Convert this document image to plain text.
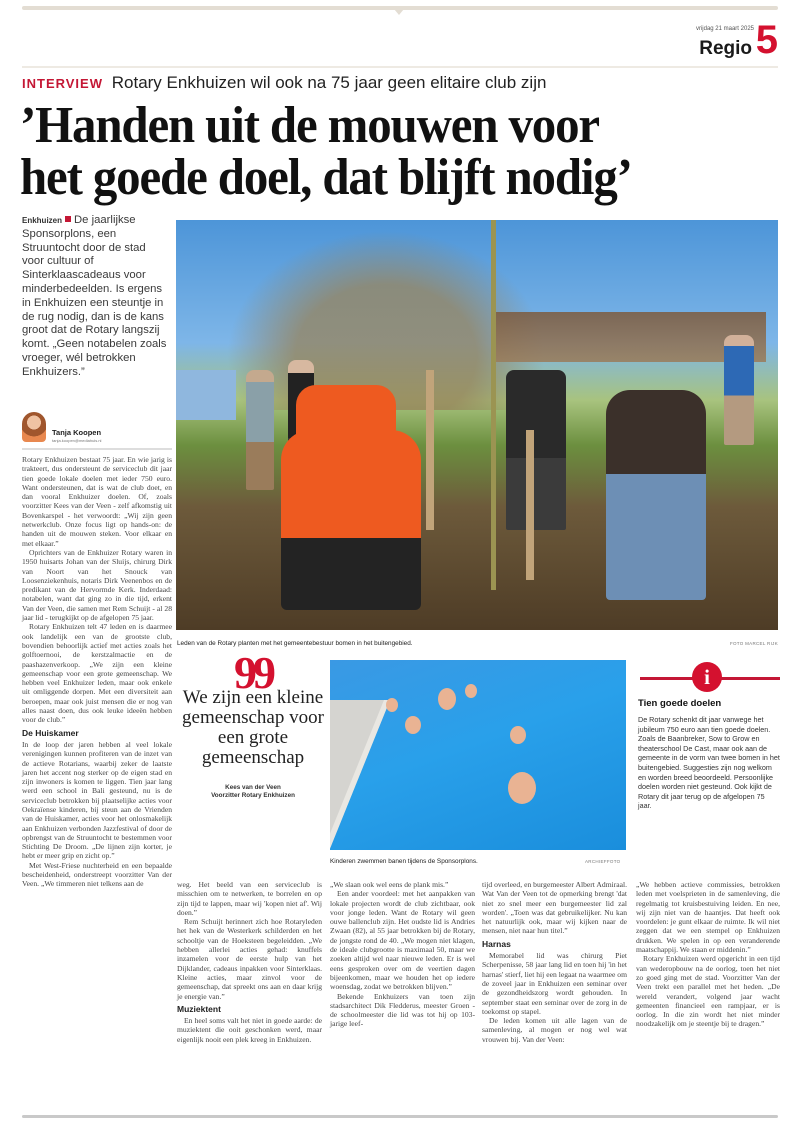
vrijdag 21 maart 2025
Regio 5
INTERVIEW Rotary Enkhuizen wil ook na 75 jaar geen elitaire club zijn
’Handen uit de mouwen voor
het goede doel, dat blijft nodig’
Enkhuizen De jaarlijkse Sponsorplons, een Struuntocht door de stad voor cultuur of Sinterklaascadeaus voor minderbedeelden. Is ergens in Enkhuizen een steuntje in de rug nodig, dan is de kans groot dat de Rotary langszij komt. „Geen notabelen zoals vroeger, wél betrokken Enkhuizers.”
Tanja Koopen
tanja.koopen@mediahuis.nl
Leden van de Rotary planten met het gemeentebestuur bomen in het buitengebied.	FOTO MARCEL RIJK

Rotary Enkhuizen bestaat 75 jaar. En wie jarig is trakteert, dus ondersteunt de serviceclub dit jaar tien goede lokale doelen met ieder 750 euro. Want ondersteunen, dat is wat de club doet, en dan vooral Enkhuizer doelen. Of, zoals voorzitter Kees van der Veen - zelf afkomstig uit Bovenkarspel - het verwoordt: „Wij zijn geen netwerkclub. Onze focus ligt op hands-on: de handen uit de mouwen steken. Voor elkaar en met elkaar.”

Oprichters van de Enkhuizer Rotary waren in 1950 huisarts Johan van der Sluijs, chirurg Dirk van Noort van het Snouck van Loosenziekenhuis, notaris Dirk Veenenbos en de predikant van de Hervormde Kerk. Inderdaad: notabelen, want dat ging zo in die tijd, erkent Van der Veen, die samen met Rem Schuijt - al 28 jaar lid - terugkijkt op de afgelopen 75 jaar.

Rotary Enkhuizen telt 47 leden en is daarmee ook landelijk een van de grootste club, bovendien behoorlijk actief met acties zoals het golftoernooi, de kerstzalmactie en de paashazenverkoop. „We zijn een kleine gemeenschap voor een grote gemeenschap. We hebben veel Enkhuizer leden, maar ook enkele uit omliggende dorpen. Met een diversiteit aan beroepen, maar ook juist mensen die er nog van alles naast doen, dus ook leuke ideeën hebben voor de club.”

De Huiskamer

In de loop der jaren hebben al veel lokale verenigingen kunnen profiteren van de inzet van de actieve Rotarians, waarbij zeker de laatste jaren het accent nog sterker op de eigen stad en zijn inwoners is komen te liggen. Tien jaar lang werd een school in Bali gesteund, nu is de serviceclub betrokken bij plaatselijke acties voor Oekraïense kinderen, bij steun aan de Vrienden van de Huiskamer, acties voor het onlosmakelijk aan Enkhuizen verbonden Jazzfestival of door de opbrengst van de Struuntocht te bestemmen voor Stichting De Droom. „De lijnen zijn korter, je hebt er meer grip en zicht op.”

Met West-Friese nuchterheid en een bepaalde bescheidenheid, onderstreept voorzitter Van der Veen. „We timmeren niet telkens aan de

99
We zijn een kleine gemeenschap voor een grote gemeenschap
Kees van der Veen
Voorzitter Rotary Enkhuizen
Kinderen zwemmen banen tijdens de Sponsorplons.	ARCHIEFFOTO
i
Tien goede doelen
De Rotary schenkt dit jaar vanwege het jubileum 750 euro aan tien goede doelen. Zoals de Baanbreker, Sow to Grow en theaterschool De Cast, maar ook aan de gemeente in de vorm van twee bomen in het buitengebied. Suggesties zijn nog welkom en worden breed beoordeeld. Persoonlijke doelen worden niet gesteund. Ook kijkt de Rotary dit jaar terug op de afgelopen 75 jaar.

weg. Het beeld van een serviceclub is misschien om te netwerken, te borrelen en op zijn tijd te lappen, maar wij 'kopen niet af'. Wij doen.”

Rem Schuijt herinnert zich hoe Rotaryleden het hek van de Westerkerk schilderden en het schooltje van de Hoeksteen begeleidden. „We hebben allerlei acties gehad: knuffels inzamelen voor de eerste hulp van het Dijklander, cadeaus inpakken voor Sinterklaas. Kleine acties, maar zinvol voor de gemeenschap, dat spreekt ons aan en daar krijg je energie van.”

Muziektent

En heel soms valt het niet in goede aarde: de muziektent die ooit geschonken werd, maar eigenlijk nooit een plek kreeg in Enkhuizen.

„We slaan ook wel eens de plank mis.”

Een ander voordeel: met het aanpakken van lokale projecten wordt de club zichtbaar, ook voor jonge leden. Want de Rotary wil geen ouwe ballenclub zijn. Het oudste lid is Andries Zwaan (82), al 55 jaar betrokken bij de Rotary, de jongste rond de 40. „We mogen niet klagen, de ideale clubgrootte is maximaal 50, maar we zoeken altijd wel naar nieuwe leden. Er is wel eens gesproken over om de veertien dagen bijeenkomen, maar we houden het op iedere woensdag, zodat we betrokken blijven.”

Bekende Enkhuizers van toen zijn stadsarchitect Dik Fledderus, meester Groen - de schoolmeester die lid was tot hij op 103-jarige leef-

tijd overleed, en burgemeester Albert Admiraal. Wat Van der Veen tot de opmerking brengt 'dat niet zo snel meer een burgemeester lid zal worden'. „Toen was dat gebruikelijker. Nu kan het natuurlijk ook, maar wij kijken naar de mensen, niet naar hun titel.”

Harnas

Memorabel lid was chirurg Piet Scherpenisse, 58 jaar lang lid en toen hij 'in het harnas' stierf, liet hij een legaat na waarmee om de zoveel jaar in Enkhuizen een seminar over de gezondheidszorg wordt gehouden. In september staat een seminar over de zorg in de toekomst op stapel.

De leden komen uit alle lagen van de samenleving, al mogen er nog wel wat vrouwen bij. Van der Veen:

„We hebben actieve commissies, betrokken leden met voelsprieten in de samenleving, die regelmatig tot kruisbestuiving leiden. En nee, wij zijn niet van de haantjes. Dat heeft ook voordelen: je gunt elkaar de ruimte. Ik wil niet zeggen dat we een stempel op Enkhuizen drukken. We spelen in op een veranderende maatschappij. We staan er middenin.”

Rotary Enkhuizen werd opgericht in een tijd van wederopbouw na de oorlog, toen het niet zo goed ging met de stad. Voorzitter Van der Veen trekt een parallel met het heden. „De wereld verandert, volgend jaar wacht gemeenten financieel een rampjaar, er is oorlog. In die zin wordt het niet minder noodzakelijk om je steentje bij te dragen.”
